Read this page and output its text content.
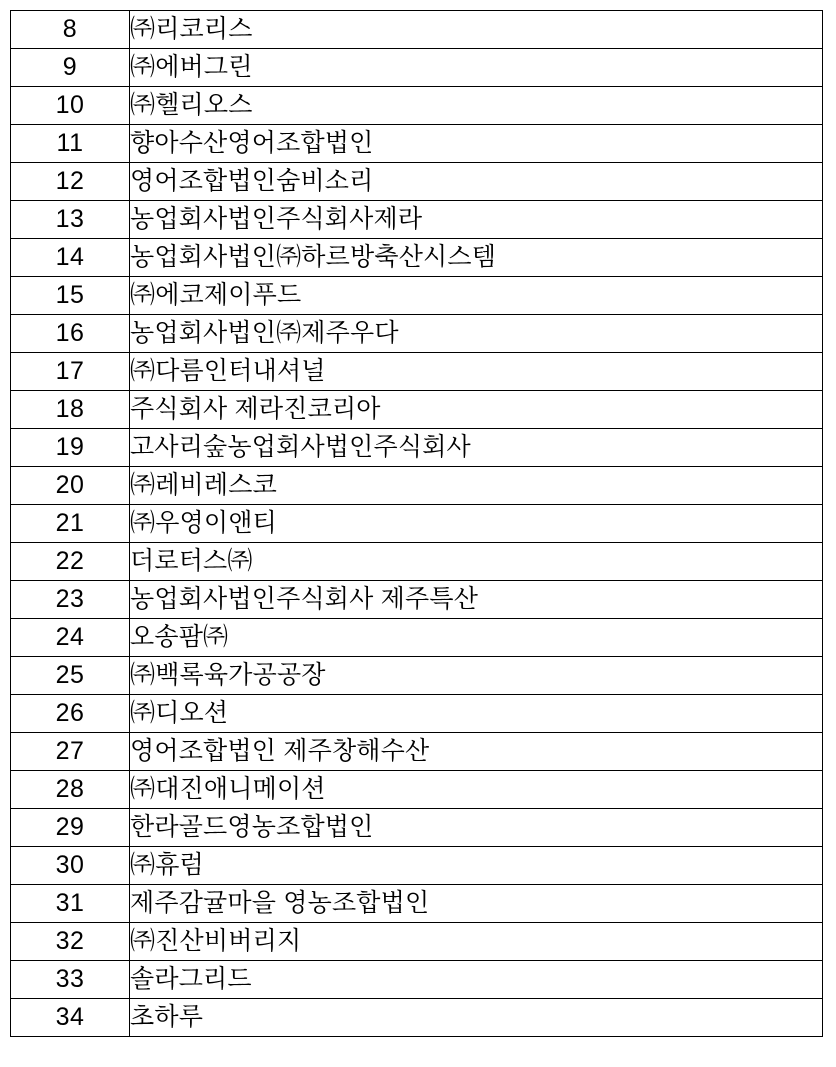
8	㈜리코리스
9	㈜에버그린
10	㈜헬리오스
11	향아수산영어조합법인
12	영어조합법인숨비소리
13	농업회사법인주식회사제라
14	농업회사법인㈜하르방축산시스템
15	㈜에코제이푸드
16	농업회사법인㈜제주우다
17	㈜다름인터내셔널
18	주식회사 제라진코리아
19	고사리숲농업회사법인주식회사
20	㈜레비레스코
21	㈜우영이앤티
22	더로터스㈜
23	농업회사법인주식회사 제주특산
24	오송팜㈜
25	㈜백록육가공공장
26	㈜디오션
27	영어조합법인 제주창해수산
28	㈜대진애니메이션
29	한라골드영농조합법인
30	㈜휴럼
31	제주감귤마을 영농조합법인
32	㈜진산비버리지
33	솔라그리드
34	초하루
